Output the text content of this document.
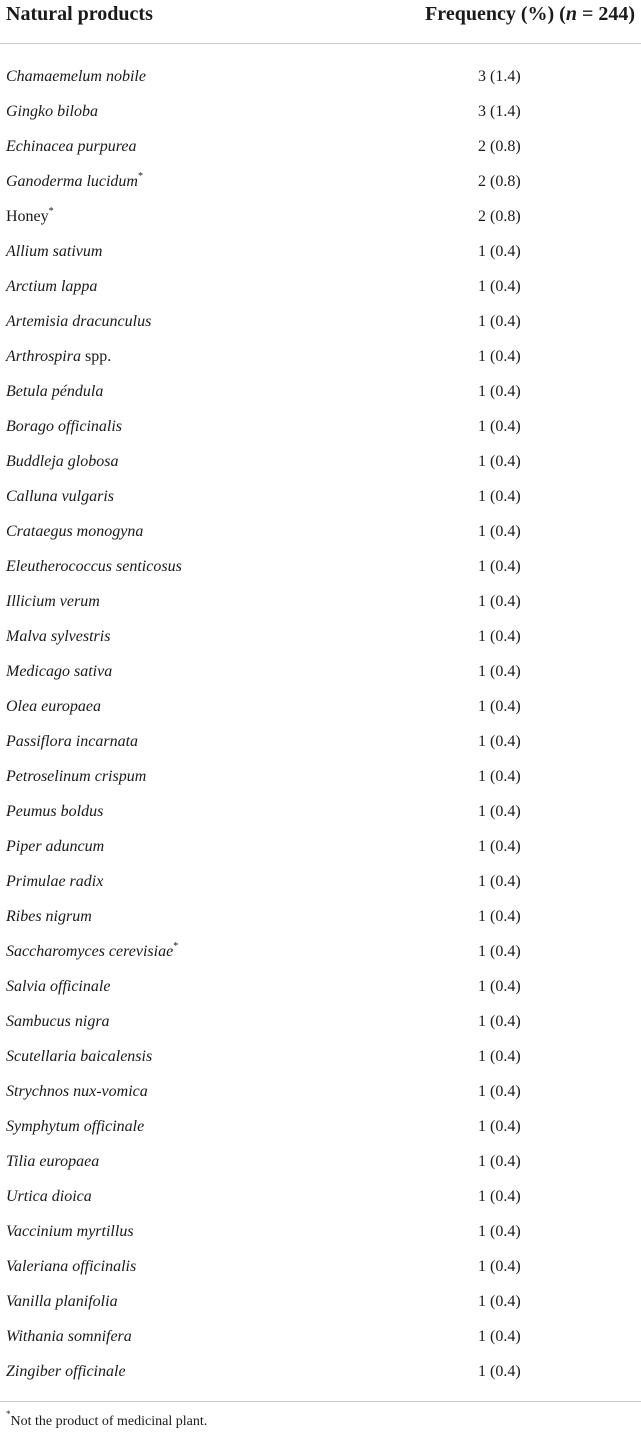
Natural products	Frequency (%) (n = 244)
Chamaemelum nobile	3 (1.4)
Gingko biloba	3 (1.4)
Echinacea purpurea	2 (0.8)
Ganoderma lucidum*	2 (0.8)
Honey*	2 (0.8)
Allium sativum	1 (0.4)
Arctium lappa	1 (0.4)
Artemisia dracunculus	1 (0.4)
Arthrospira spp.	1 (0.4)
Betula péndula	1 (0.4)
Borago officinalis	1 (0.4)
Buddleja globosa	1 (0.4)
Calluna vulgaris	1 (0.4)
Crataegus monogyna	1 (0.4)
Eleutherococcus senticosus	1 (0.4)
Illicium verum	1 (0.4)
Malva sylvestris	1 (0.4)
Medicago sativa	1 (0.4)
Olea europaea	1 (0.4)
Passiflora incarnata	1 (0.4)
Petroselinum crispum	1 (0.4)
Peumus boldus	1 (0.4)
Piper aduncum	1 (0.4)
Primulae radix	1 (0.4)
Ribes nigrum	1 (0.4)
Saccharomyces cerevisiae*	1 (0.4)
Salvia officinale	1 (0.4)
Sambucus nigra	1 (0.4)
Scutellaria baicalensis	1 (0.4)
Strychnos nux-vomica	1 (0.4)
Symphytum officinale	1 (0.4)
Tilia europaea	1 (0.4)
Urtica dioica	1 (0.4)
Vaccinium myrtillus	1 (0.4)
Valeriana officinalis	1 (0.4)
Vanilla planifolia	1 (0.4)
Withania somnifera	1 (0.4)
Zingiber officinale	1 (0.4)
*Not the product of medicinal plant.
